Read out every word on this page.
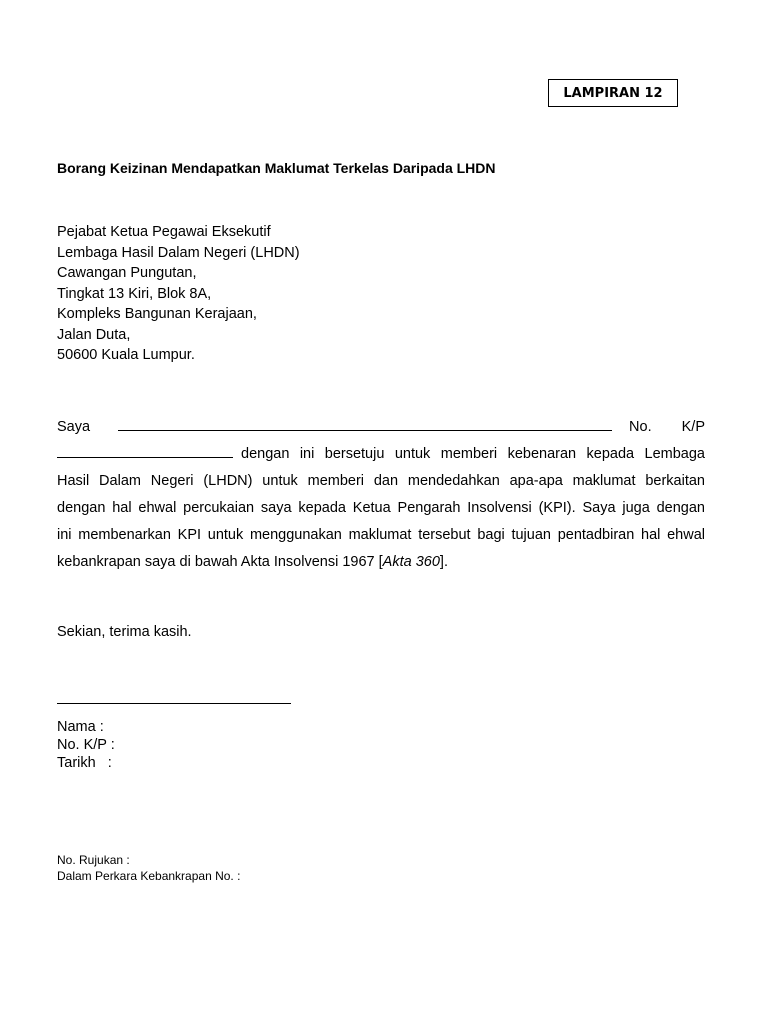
LAMPIRAN 12
Borang Keizinan Mendapatkan Maklumat Terkelas Daripada LHDN
Pejabat Ketua Pegawai Eksekutif
Lembaga Hasil Dalam Negeri (LHDN)
Cawangan Pungutan,
Tingkat 13 Kiri, Blok 8A,
Kompleks Bangunan Kerajaan,
Jalan Duta,
50600 Kuala Lumpur.
Saya	No. K/P
dengan ini bersetuju untuk memberi kebenaran kepada Lembaga
Hasil Dalam Negeri (LHDN) untuk memberi dan mendedahkan apa-apa maklumat berkaitan
dengan hal ehwal percukaian saya kepada Ketua Pengarah Insolvensi (KPI). Saya juga dengan
ini membenarkan KPI untuk menggunakan maklumat tersebut bagi tujuan pentadbiran hal ehwal
kebankrapan saya di bawah Akta Insolvensi 1967 [Akta 360].
Sekian, terima kasih.
Nama :
No. K/P :
Tarikh   :
No. Rujukan :
Dalam Perkara Kebankrapan No. :
